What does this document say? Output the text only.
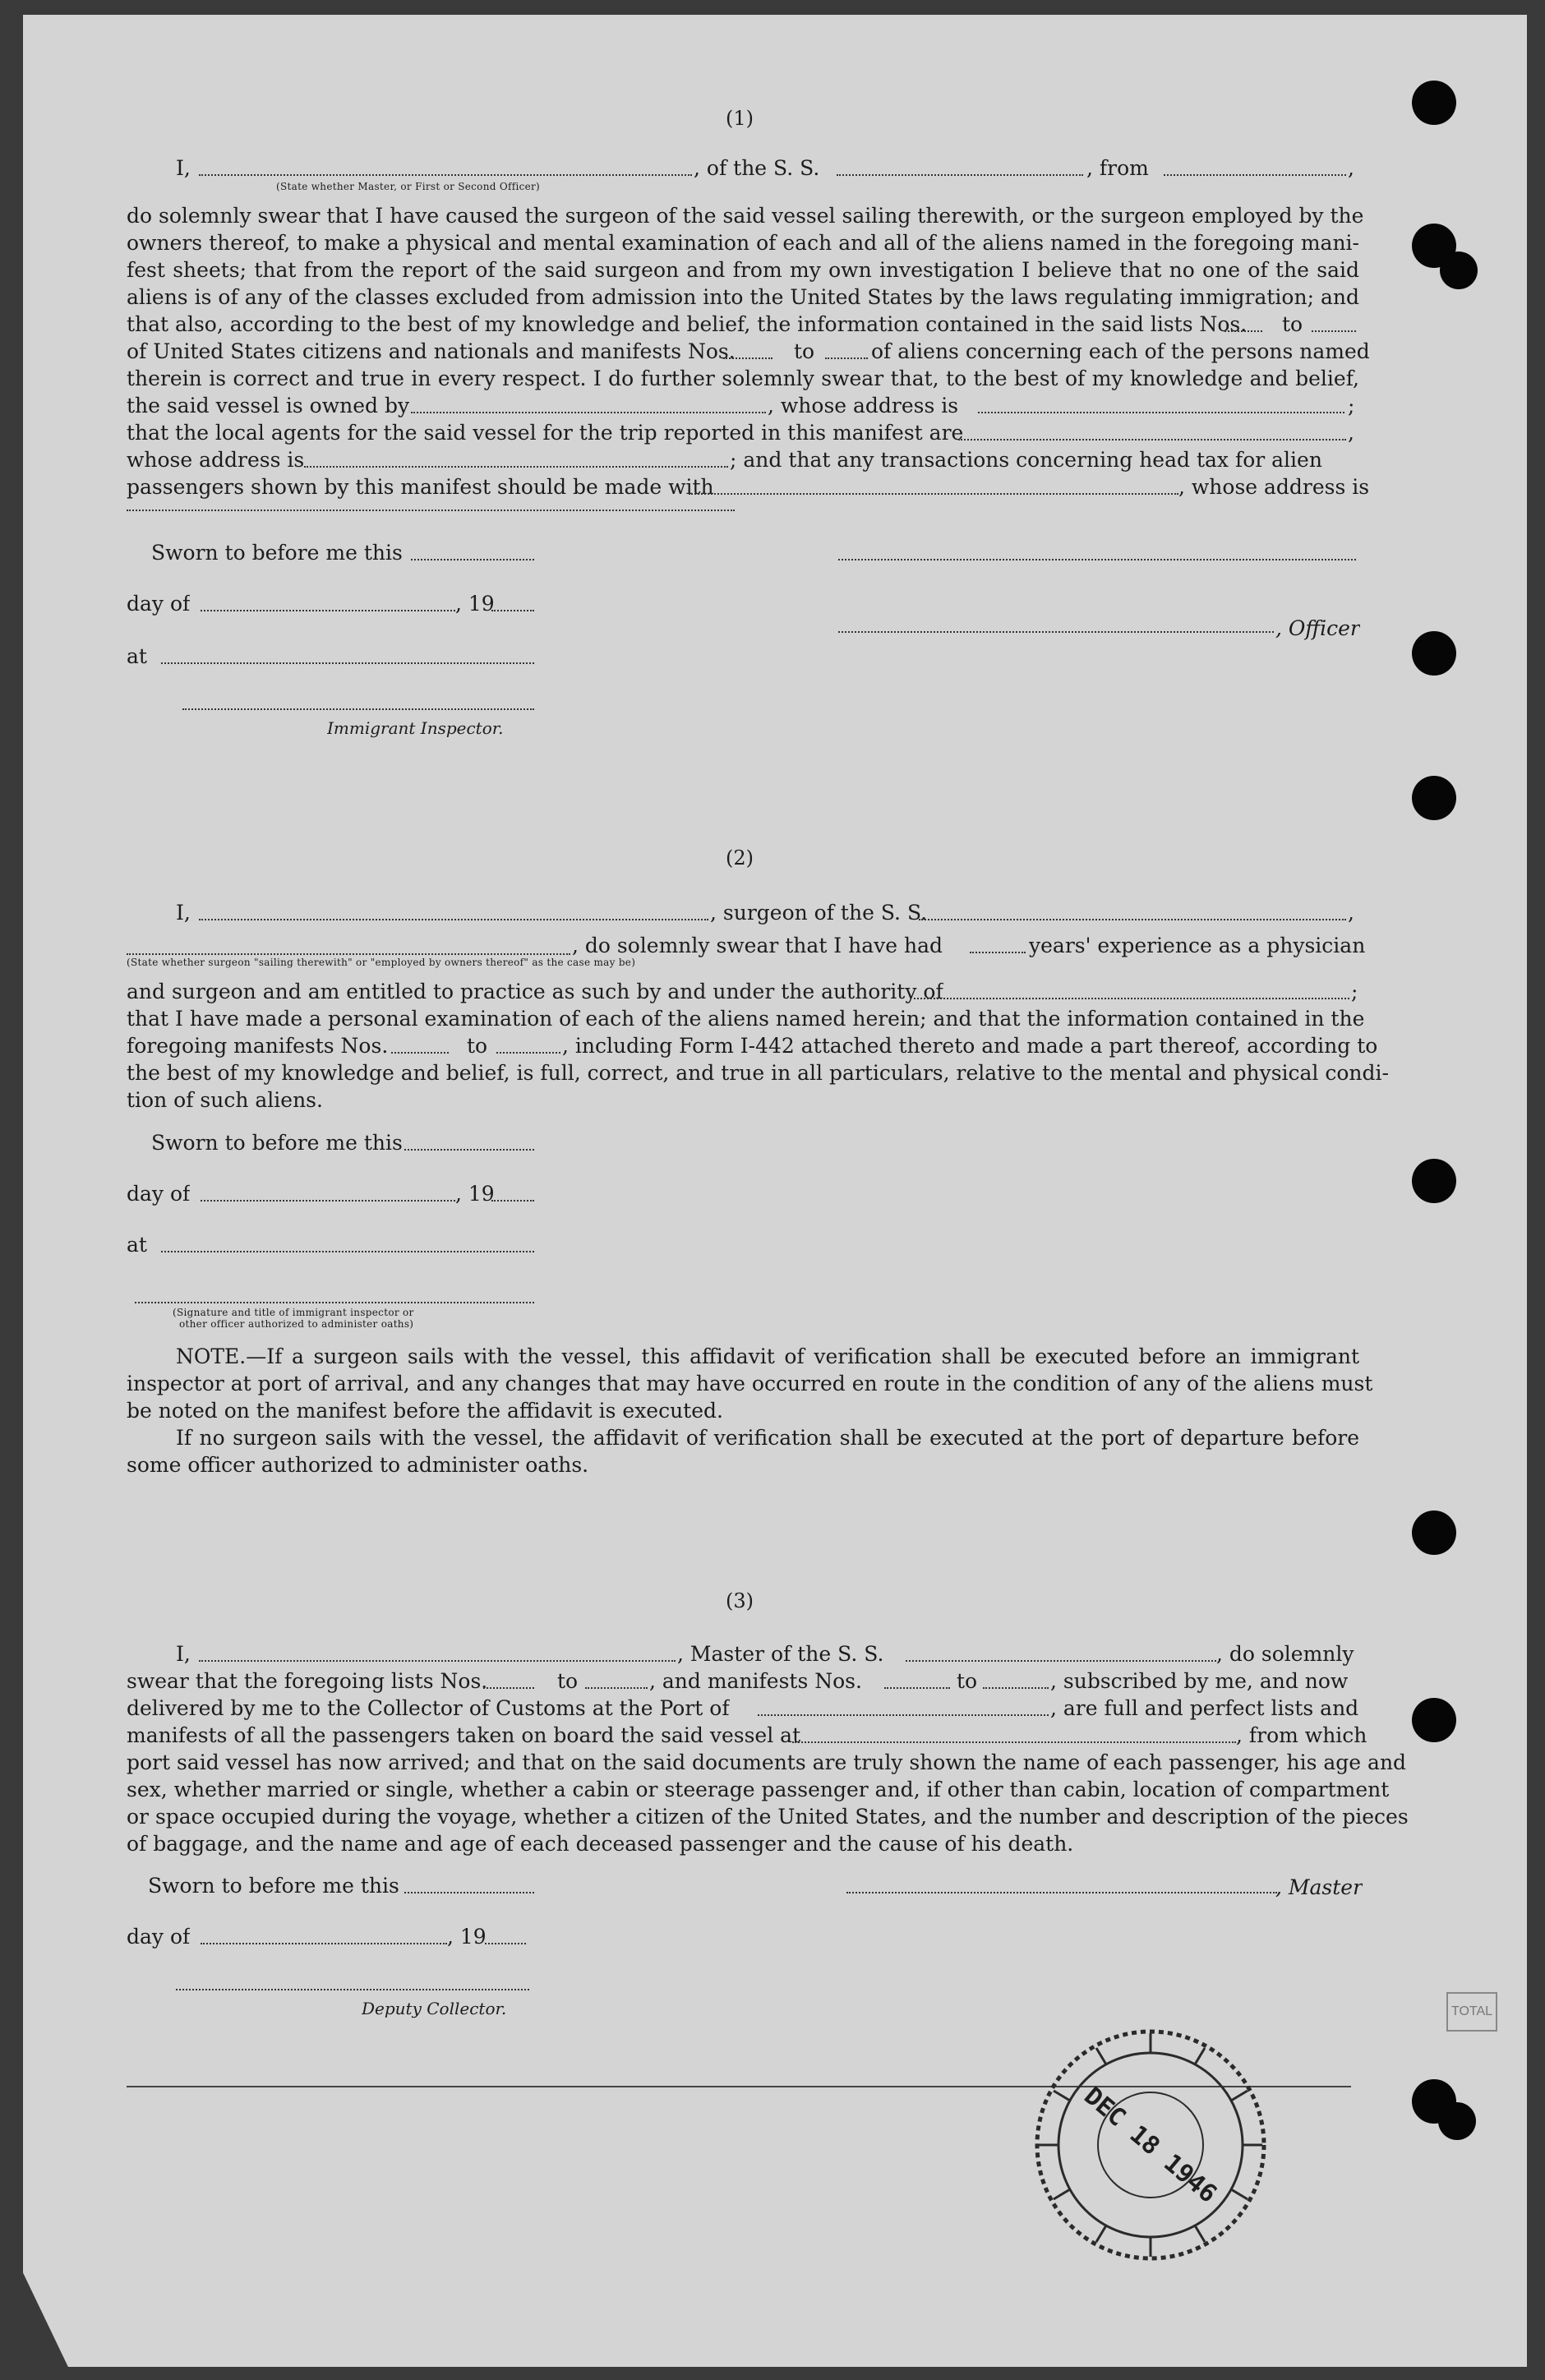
(1)
I,	, of the S. S.	, from	,
(State whether Master, or First or Second Officer)
do solemnly swear that I have caused the surgeon of the said vessel sailing therewith, or the surgeon employed by the
owners thereof, to make a physical and mental examination of each and all of the aliens named in the foregoing mani-
fest sheets; that from the report of the said surgeon and from my own investigation I believe that no one of the said
aliens is of any of the classes excluded from admission into the United States by the laws regulating immigration; and
that also, according to the best of my knowledge and belief, the information contained in the said lists Nos. to
of United States citizens and nationals and manifests Nos.	to	of aliens concerning each of the persons named
therein is correct and true in every respect. I do further solemnly swear that, to the best of my knowledge and belief,
the said vessel is owned by	, whose address is	;
that the local agents for the said vessel for the trip reported in this manifest are	,
whose address is	; and that any transactions concerning head tax for alien
passengers shown by this manifest should be made with	, whose address is
Sworn to before me this
day of	, 19
, Officer
at
Immigrant Inspector.
(2)
I,	, surgeon of the S. S.	,
, do solemnly swear that I have had	years' experience as a physician
(State whether surgeon "sailing therewith" or "employed by owners thereof" as the case may be)
and surgeon and am entitled to practice as such by and under the authority of	;
that I have made a personal examination of each of the aliens named herein; and that the information contained in the
foregoing manifests Nos.	to	, including Form I-442 attached thereto and made a part thereof, according to
the best of my knowledge and belief, is full, correct, and true in all particulars, relative to the mental and physical condi-
tion of such aliens.
Sworn to before me this
day of	, 19
at
(Signature and title of immigrant inspector or
other officer authorized to administer oaths)
NOTE.—If a surgeon sails with the vessel, this affidavit of verification shall be executed before an immigrant
inspector at port of arrival, and any changes that may have occurred en route in the condition of any of the aliens must
be noted on the manifest before the affidavit is executed.
If no surgeon sails with the vessel, the affidavit of verification shall be executed at the port of departure before
some officer authorized to administer oaths.
(3)
I,	, Master of the S. S.	, do solemnly
swear that the foregoing lists Nos.	to	, and manifests Nos.	to	, subscribed by me, and now
delivered by me to the Collector of Customs at the Port of	, are full and perfect lists and
manifests of all the passengers taken on board the said vessel at	, from which
port said vessel has now arrived; and that on the said documents are truly shown the name of each passenger, his age and
sex, whether married or single, whether a cabin or steerage passenger and, if other than cabin, location of compartment
or space occupied during the voyage, whether a citizen of the United States, and the number and description of the pieces
of baggage, and the name and age of each deceased passenger and the cause of his death.
Sworn to before me this	, Master
day of	, 19
Deputy Collector.	TOTAL
DEC 18 1946
